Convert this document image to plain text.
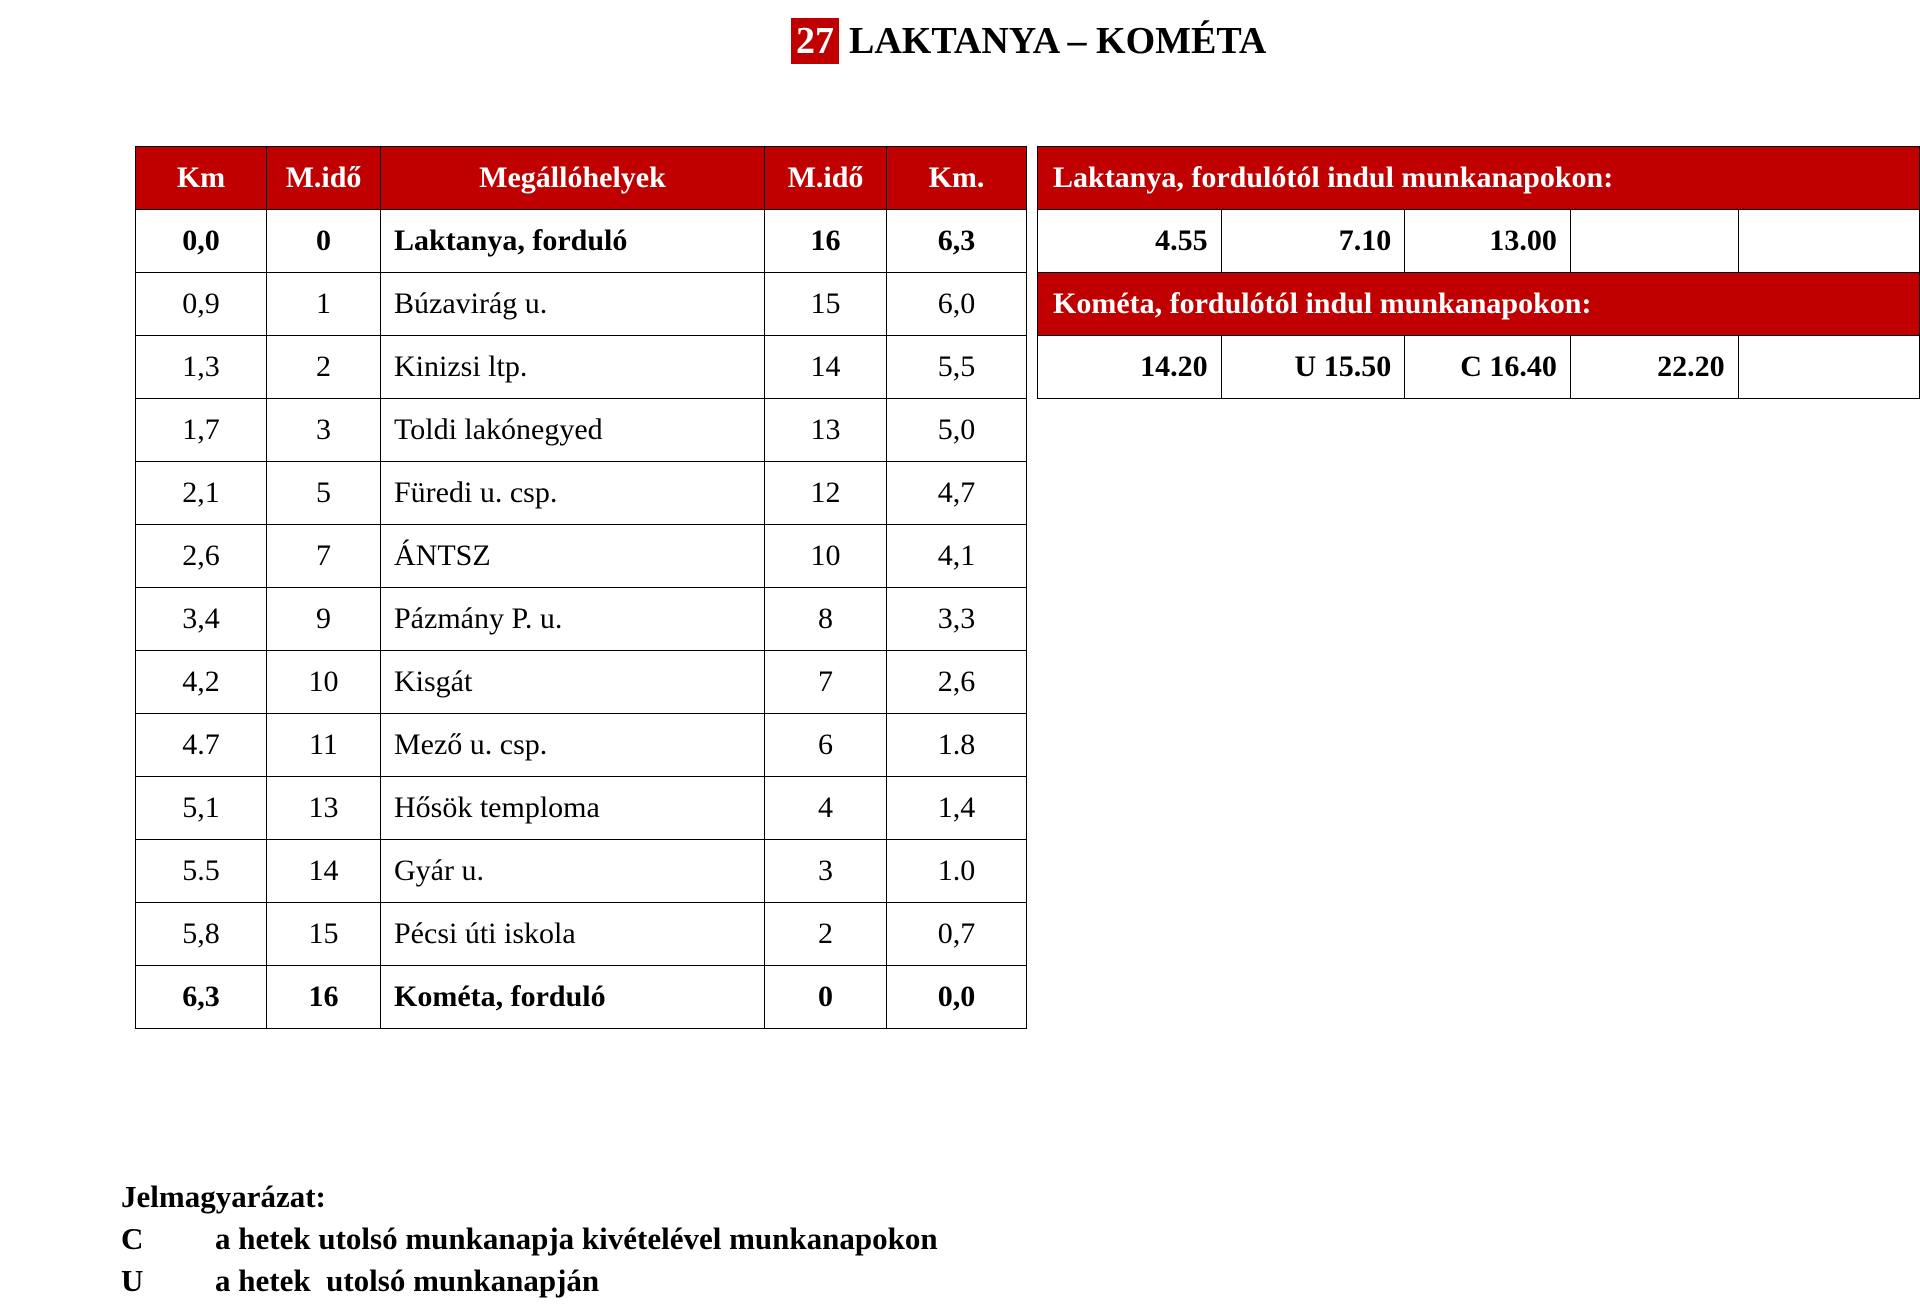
27 LAKTANYA – KOMÉTA
Km	M.idő	Megállóhelyek	M.idő	Km.
0,0	0	Laktanya, forduló	16	6,3
0,9	1	Búzavirág u.	15	6,0
1,3	2	Kinizsi ltp.	14	5,5
1,7	3	Toldi lakónegyed	13	5,0
2,1	5	Füredi u. csp.	12	4,7
2,6	7	ÁNTSZ	10	4,1
3,4	9	Pázmány P. u.	8	3,3
4,2	10	Kisgát	7	2,6
4.7	11	Mező u. csp.	6	1.8
5,1	13	Hősök temploma	4	1,4
5.5	14	Gyár u.	3	1.0
5,8	15	Pécsi úti iskola	2	0,7
6,3	16	Kométa, forduló	0	0,0
Laktanya, fordulótól indul munkanapokon:				
4.55	7.10	13.00		
Kométa, fordulótól indul munkanapokon:				
14.20	U 15.50	C 16.40	22.20	
Jelmagyarázat:
C	a hetek utolsó munkanapja kivételével munkanapokon
U	a hetek  utolsó munkanapján
